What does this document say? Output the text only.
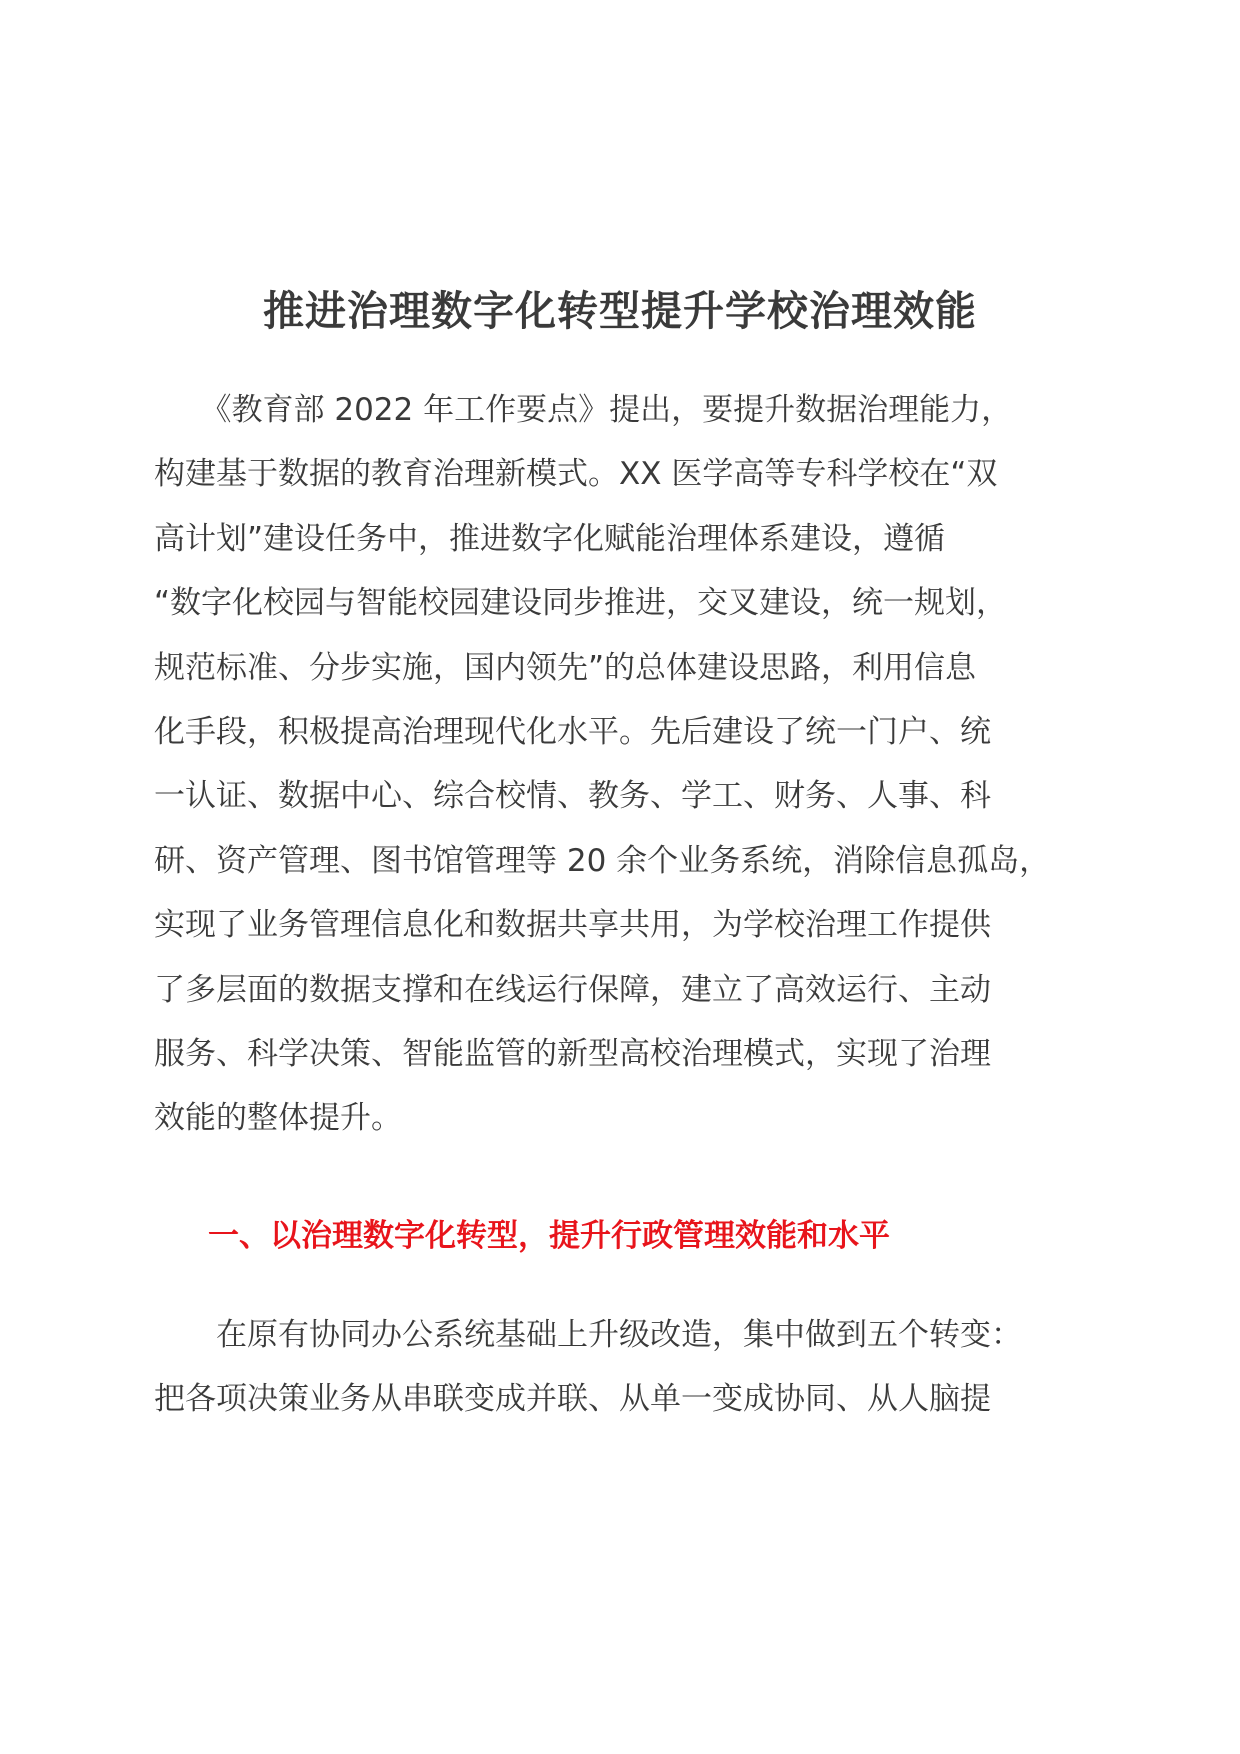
推进治理数字化转型提升学校治理效能
　　《教育部 2022 年工作要点》提出，要提升数据治理能力，
构建基于数据的教育治理新模式。XX 医学高等专科学校在“双
高计划”建设任务中，推进数字化赋能治理体系建设，遵循
“数字化校园与智能校园建设同步推进，交叉建设，统一规划，
规范标准、分步实施，国内领先”的总体建设思路，利用信息
化手段，积极提高治理现代化水平。先后建设了统一门户、统
一认证、数据中心、综合校情、教务、学工、财务、人事、科
研、资产管理、图书馆管理等 20 余个业务系统，消除信息孤岛，
实现了业务管理信息化和数据共享共用，为学校治理工作提供
了多层面的数据支撑和在线运行保障，建立了高效运行、主动
服务、科学决策、智能监管的新型高校治理模式，实现了治理
效能的整体提升。
一、以治理数字化转型，提升行政管理效能和水平
　　在原有协同办公系统基础上升级改造，集中做到五个转变：
把各项决策业务从串联变成并联、从单一变成协同、从人脑提
